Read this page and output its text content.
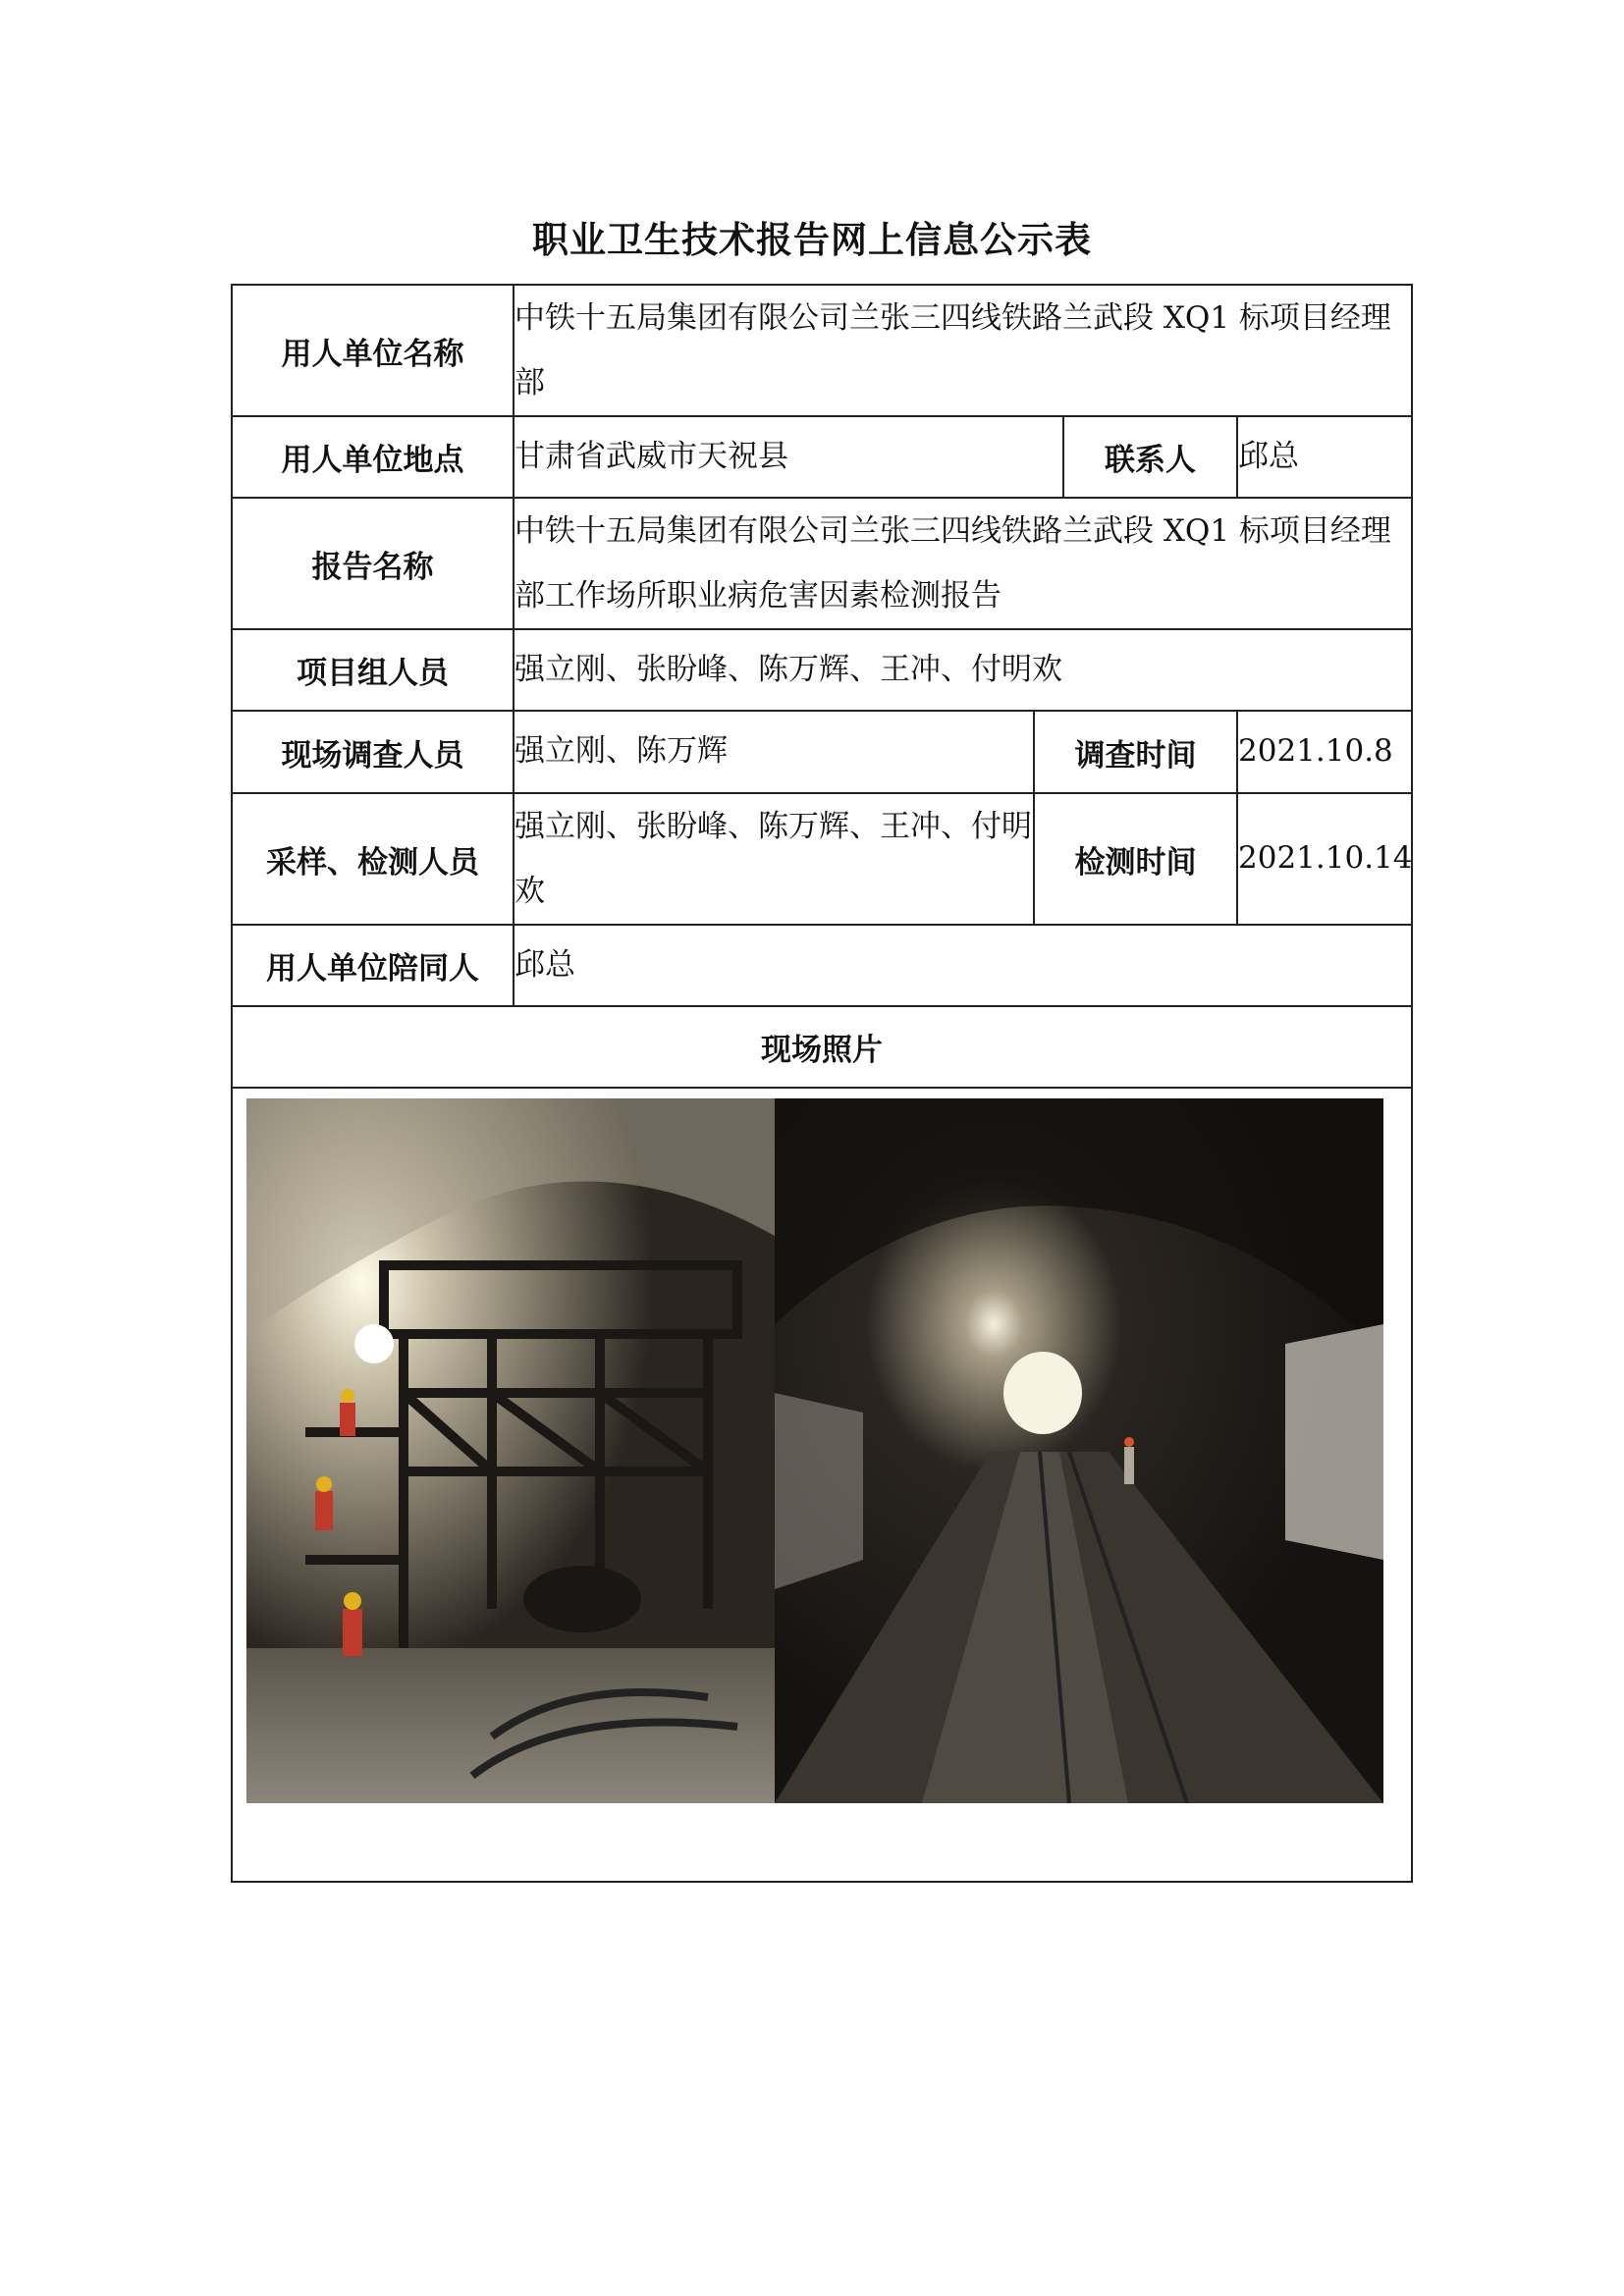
职业卫生技术报告网上信息公示表
用人单位名称	中铁十五局集团有限公司兰张三四线铁路兰武段 XQ1 标项目经理部			
用人单位地点	甘肃省武威市天祝县		联系人	邱总
报告名称	中铁十五局集团有限公司兰张三四线铁路兰武段 XQ1 标项目经理部工作场所职业病危害因素检测报告			
项目组人员	强立刚、张盼峰、陈万辉、王冲、付明欢			
现场调查人员	强立刚、陈万辉	调查时间		2021.10.8
采样、检测人员	强立刚、张盼峰、陈万辉、王冲、付明欢	检测时间		2021.10.14
用人单位陪同人	邱总			
现场照片				
